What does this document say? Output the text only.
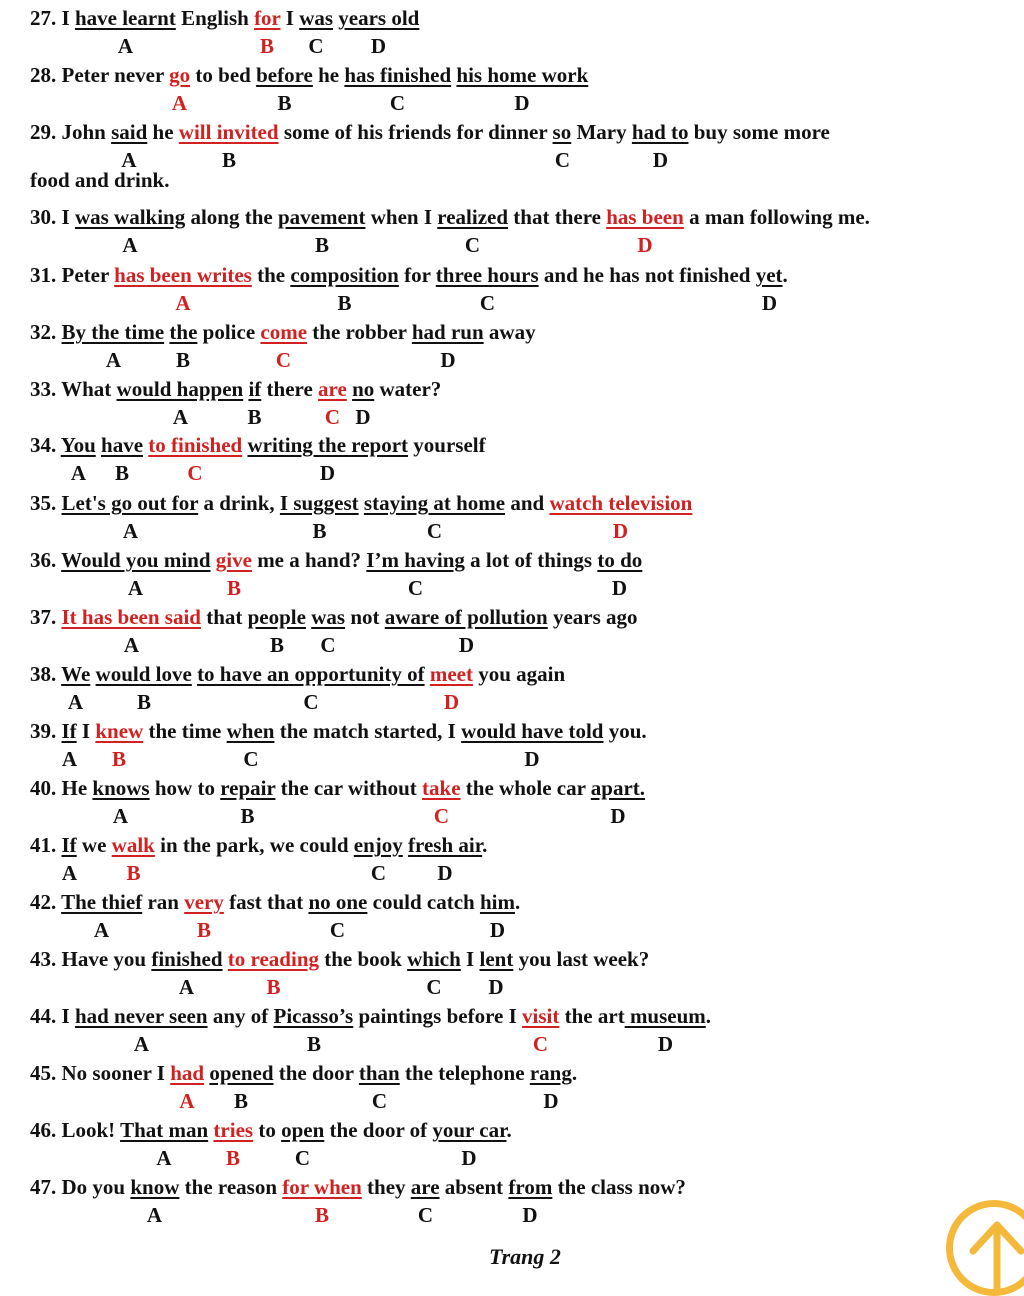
27. I have learnt English for I was years old
A	B C D
28. Peter never go to bed before he has finished his home work
A	B	C	D
29. John said he will invited some of his friends for dinner so Mary had to buy some more
A	B	C	D
food and drink.
30. I was walking along the pavement when I realized that there has been a man following me.
A	B	C	D
31. Peter has been writes the composition for three hours and he has not finished yet.
A	B	C	D
32. By the time the police come the robber had run away
A	B	C	D
33. What would happen if there are no water?
A	B	C D
34. You have to finished writing the report yourself
A B	C	D
35. Let's go out for a drink, I suggest staying at home and watch television
A	B	C	D
36. Would you mind give me a hand? I’m having a lot of things to do
A	B	C	D
37. It has been said that people was not aware of pollution years ago
A	B C	D
38. We would love to have an opportunity of meet you again
A	B	C	D
39. If I knew the time when the match started, I would have told you.
A B	C	D
40. He knows how to repair the car without take the whole car apart.
A	B	C	D
41. If we walk in the park, we could enjoy fresh air.
A B	C D
42. The thief ran very fast that no one could catch him.
A	B	C	D
43. Have you finished to reading the book which I lent you last week?
A	B	C D
44. I had never seen any of Picasso’s paintings before I visit the art museum.
A	B	C	D
45. No sooner I had opened the door than the telephone rang.
A B	C	D
46. Look! That man tries to open the door of your car.
A	B	C	D
47. Do you know the reason for when they are absent from the class now?
A	B	C	D
Trang 2
